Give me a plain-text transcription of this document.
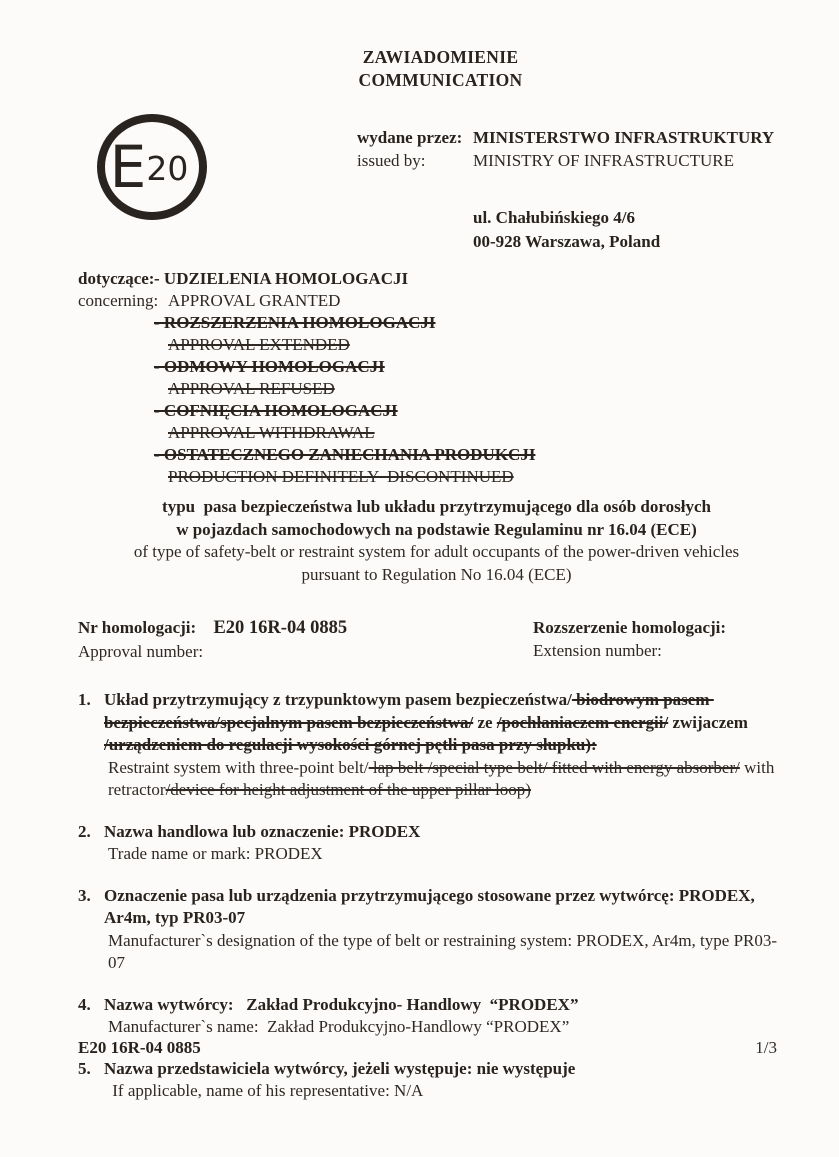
ZAWIADOMIENIE
COMMUNICATION
E 20
wydane przez: MINISTERSTWO INFRASTRUKTURY
issued by:	MINISTRY OF INFRASTRUCTURE
ul. Chałubińskiego 4/6
00-928 Warszawa, Poland
dotyczące:
concerning:
- UDZIELENIA HOMOLOGACJI
APPROVAL GRANTED
- ROZSZERZENIA HOMOLOGACJI
APPROVAL EXTENDED
- ODMOWY HOMOLOGACJI
APPROVAL REFUSED
- COFNIĘCIA HOMOLOGACJI
APPROVAL WITHDRAWAL
- OSTATECZNEGO ZANIECHANIA PRODUKCJI
PRODUCTION DEFINITELY  DISCONTINUED
typu  pasa bezpieczeństwa lub układu przytrzymującego dla osób dorosłych
w pojazdach samochodowych na podstawie Regulaminu nr 16.04 (ECE)
of type of safety-belt or restraint system for adult occupants of the power-driven vehicles
pursuant to Regulation No 16.04 (ECE)
Nr homologacji: E20 16R-04 0885
Approval number:
Rozszerzenie homologacji:
Extension number:
1. Układ przytrzymujący z trzypunktowym pasem bezpieczeństwa/ biodrowym pasem bezpieczeństwa/specjalnym pasem bezpieczeństwa/ ze /pochłaniaczem energii/ zwijaczem /urządzeniem do regulacji wysokości górnej pętli pasa przy słupku):
Restraint system with three-point belt/ lap belt /special type belt/ fitted with energy absorber/ with retractor/device for height adjustment of the upper pillar loop)
2. Nazwa handlowa lub oznaczenie: PRODEX
Trade name or mark: PRODEX
3. Oznaczenie pasa lub urządzenia przytrzymującego stosowane przez wytwórcę: PRODEX, Ar4m, typ PR03-07
Manufacturer`s designation of the type of belt or restraining system: PRODEX, Ar4m, type PR03-07
4. Nazwa wytwórcy:   Zakład Produkcyjno- Handlowy  “PRODEX”
Manufacturer`s name:  Zakład Produkcyjno-Handlowy “PRODEX”
5. Nazwa przedstawiciela wytwórcy, jeżeli występuje: nie występuje
If applicable, name of his representative: N/A
E20 16R-04 0885	1/3
